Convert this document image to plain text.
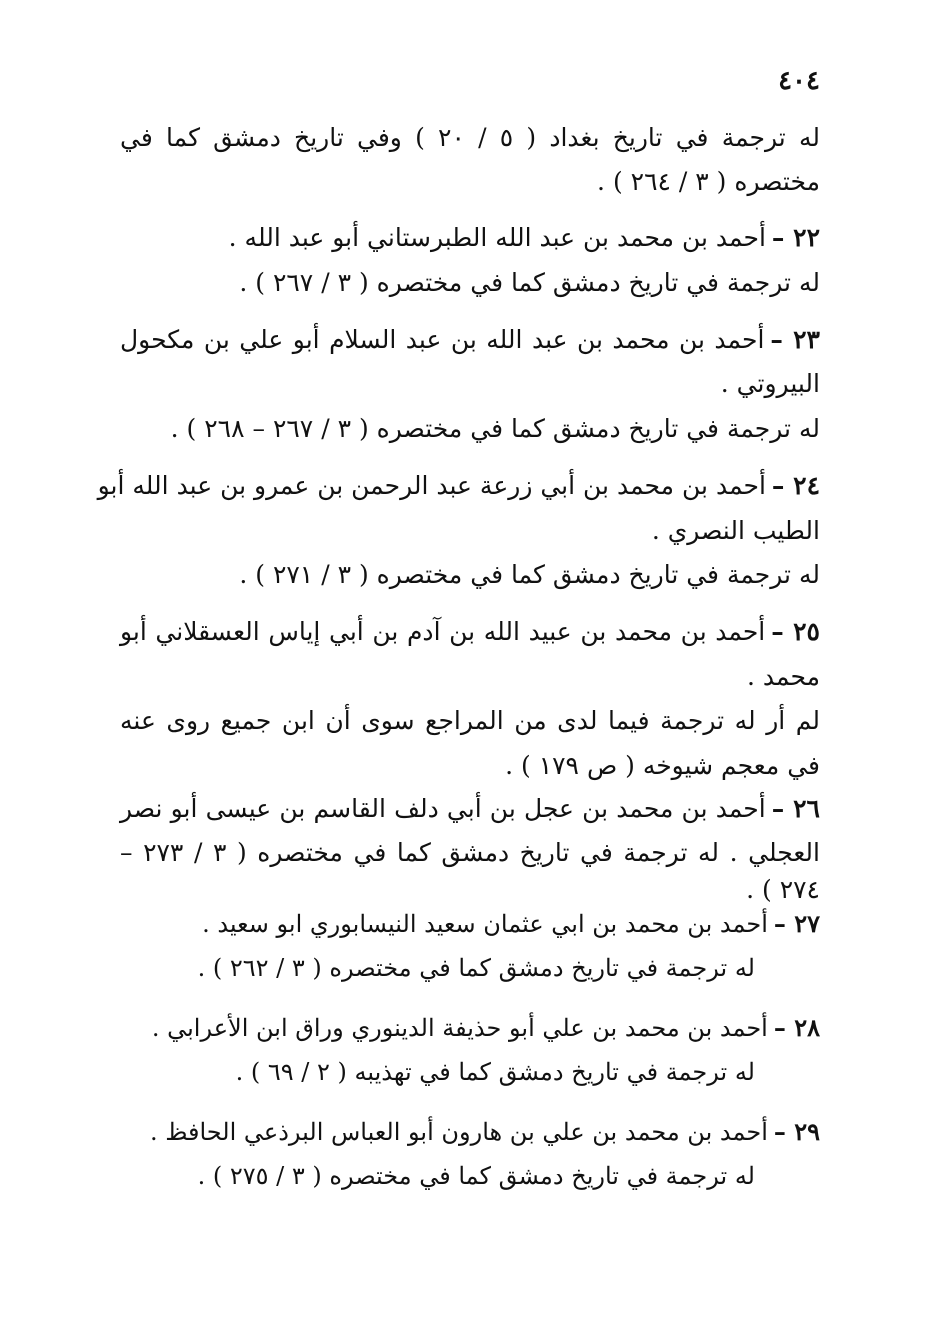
٤٠٤
له ترجمة في تاريخ بغداد ( ٥ / ٢٠ ) وفي تاريخ دمشق كما في
مختصره ( ٣ / ٢٦٤ ) .
٢٢ –أحمد بن محمد بن عبد الله الطبرستاني أبو عبد الله .
له ترجمة في تاريخ دمشق كما في مختصره ( ٣ / ٢٦٧ ) .
٢٣ –أحمد بن محمد بن عبد الله بن عبد السلام أبو علي بن مكحول
البيروتي .
له ترجمة في تاريخ دمشق كما في مختصره ( ٣ / ٢٦٧ – ٢٦٨ ) .
٢٤ –أحمد بن محمد بن أبي زرعة عبد الرحمن بن عمرو بن عبد الله أبو
الطيب النصري .
له ترجمة في تاريخ دمشق كما في مختصره ( ٣ / ٢٧١ ) .
٢٥ –أحمد بن محمد بن عبيد الله بن آدم بن أبي إياس العسقلاني أبو
محمد .
لم أر له ترجمة فيما لدى من المراجع سوى أن ابن جميع روى عنه
في معجم شيوخه ( ص ١٧٩ ) .
٢٦ –أحمد بن محمد بن عجل بن أبي دلف القاسم بن عيسى أبو نصر
العجلي . له ترجمة في تاريخ دمشق كما في مختصره ( ٣ / ٢٧٣ –
٢٧٤ ) .
٢٧ –أحمد بن محمد بن ابي عثمان سعيد النيسابوري ابو سعيد .
له ترجمة في تاريخ دمشق كما في مختصره ( ٣ / ٢٦٢ ) .
٢٨ –أحمد بن محمد بن علي أبو حذيفة الدينوري وراق ابن الأعرابي .
له ترجمة في تاريخ دمشق كما في تهذيبه ( ٢ / ٦٩ ) .
٢٩ –أحمد بن محمد بن علي بن هارون أبو العباس البرذعي الحافظ .
له ترجمة في تاريخ دمشق كما في مختصره ( ٣ / ٢٧٥ ) .
